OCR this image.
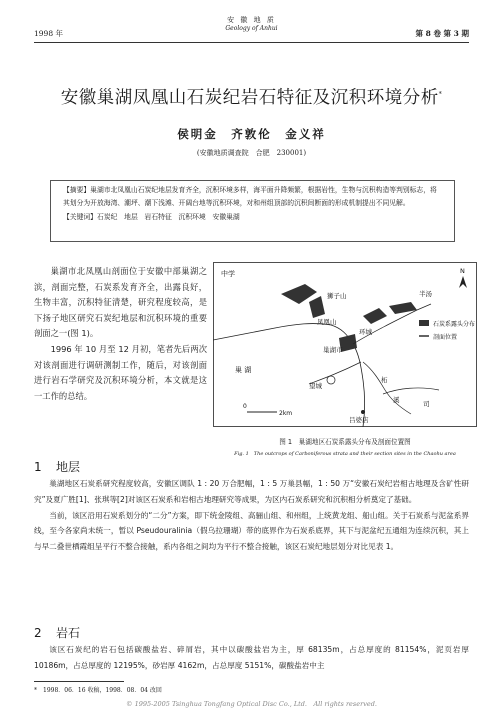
1998 年
安 徽 地 质
Geology of Anhui
第 8 卷 第 3 期
安徽巢湖凤凰山石炭纪岩石特征及沉积环境分析*
侯明金　齐敦伦　金义祥
(安徽地质调查院　合肥　230001)
【摘要】巢湖市北凤凰山石炭纪地层发育齐全，沉积环境多样，海平面升降频繁，根据岩性，生物与沉积构造等判别标志，将其划分为开放海湾、潮坪、潮下浅滩、开阔台地等沉积环境，对和州组顶部的沉积间断面的形成机制提出不同见解。
【关键词】石炭纪　地层　岩石特征　沉积环境　安徽巢湖

巢湖市北凤凰山剖面位于安徽中部巢湖之滨，剖面完整，石炭系发育齐全，出露良好，生物丰富，沉积特征清楚，研究程度较高，是下扬子地区研究石炭纪地层和沉积环境的重要剖面之一(图 1)。

1996 年 10 月至 12 月初，笔者先后两次对该剖面进行调研测制工作，随后，对该剖面进行岩石学研究及沉积环境分析，本文就是这一工作的总结。

中学
凤凰山
狮子山	半汤
环城
巢湖市
巢 湖
望城
柘
溪
吕婆店
司
0
2km
N
石炭系露头分布
剖面位置
图 1　巢湖地区石炭系露头分布及剖面位置图
Fig. 1　The outcrops of Carboniferous strata and their section sites in the Chaohu area
1 地层

巢湖地区石炭系研究程度较高，安徽区调队 1 : 20 万合肥幅，1 : 5 万巢县幅，1 : 50 万“安徽石炭纪岩相古地理及含矿性研究”及夏广胜[1]、张琪等[2]对该区石炭系和岩相古地理研究等成果，为区内石炭系研究和沉积相分析奠定了基础。

当前，该区沿用石炭系划分的“二分”方案，即下统金陵组、高骊山组、和州组，上统黄龙组、船山组。关于石炭系与泥盆系界线，至今各家尚未统一，暂以 Pseudouralinia（假乌拉珊瑚）带的底界作为石炭系底界，其下与泥盆纪五通组为连续沉积，其上与早二叠世栖霞组呈平行不整合接触，系内各组之间均为平行不整合接触，该区石炭纪地层划分对比见表 1。

2 岩石

该区石炭纪的岩石包括碳酸盐岩、碎屑岩，其中以碳酸盐岩为主，厚 68135m，占总厚度的 81154%，泥页岩厚 10186m，占总厚度的 12195%，砂岩厚 4162m，占总厚度 5151%，碳酸盐岩中主

*　1998．06．16 收稿，1998．08．04 改回
© 1995-2005 Tsinghua Tongfang Optical Disc Co., Ltd.　All rights reserved.
